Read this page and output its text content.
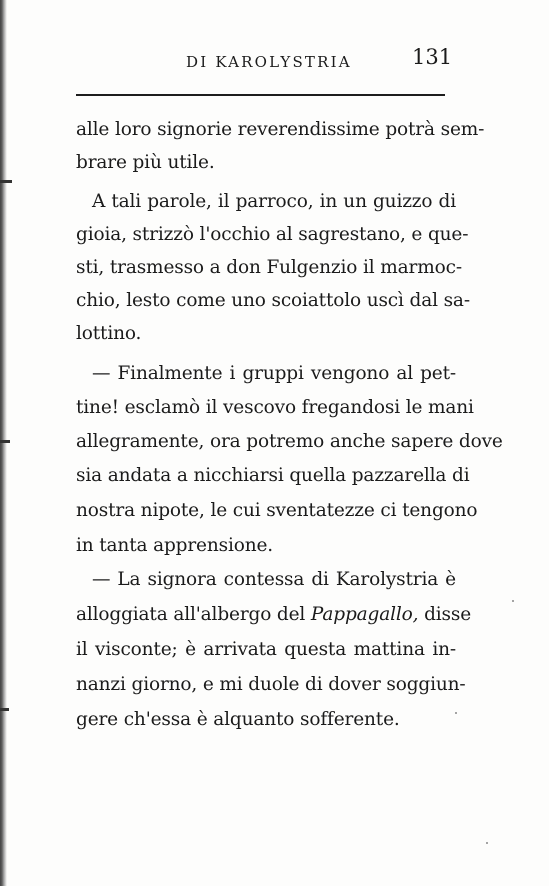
DI KAROLYSTRIA	131
alle loro signorie reverendissime potrà sem-
brare più utile.
A tali parole, il parroco, in un guizzo di
gioia, strizzò l'occhio al sagrestano, e que-
sti, trasmesso a don Fulgenzio il marmoc-
chio, lesto come uno scoiattolo uscì dal sa-
lottino.
— Finalmente i gruppi vengono al pet-
tine! esclamò il vescovo fregandosi le mani
allegramente, ora potremo anche sapere dove
sia andata a nicchiarsi quella pazzarella di
nostra nipote, le cui sventatezze ci tengono
in tanta apprensione.
— La signora contessa di Karolystria è
alloggiata all'albergo del Pappagallo, disse
il visconte; è arrivata questa mattina in-
nanzi giorno, e mi duole di dover soggiun-
gere ch'essa è alquanto sofferente.
